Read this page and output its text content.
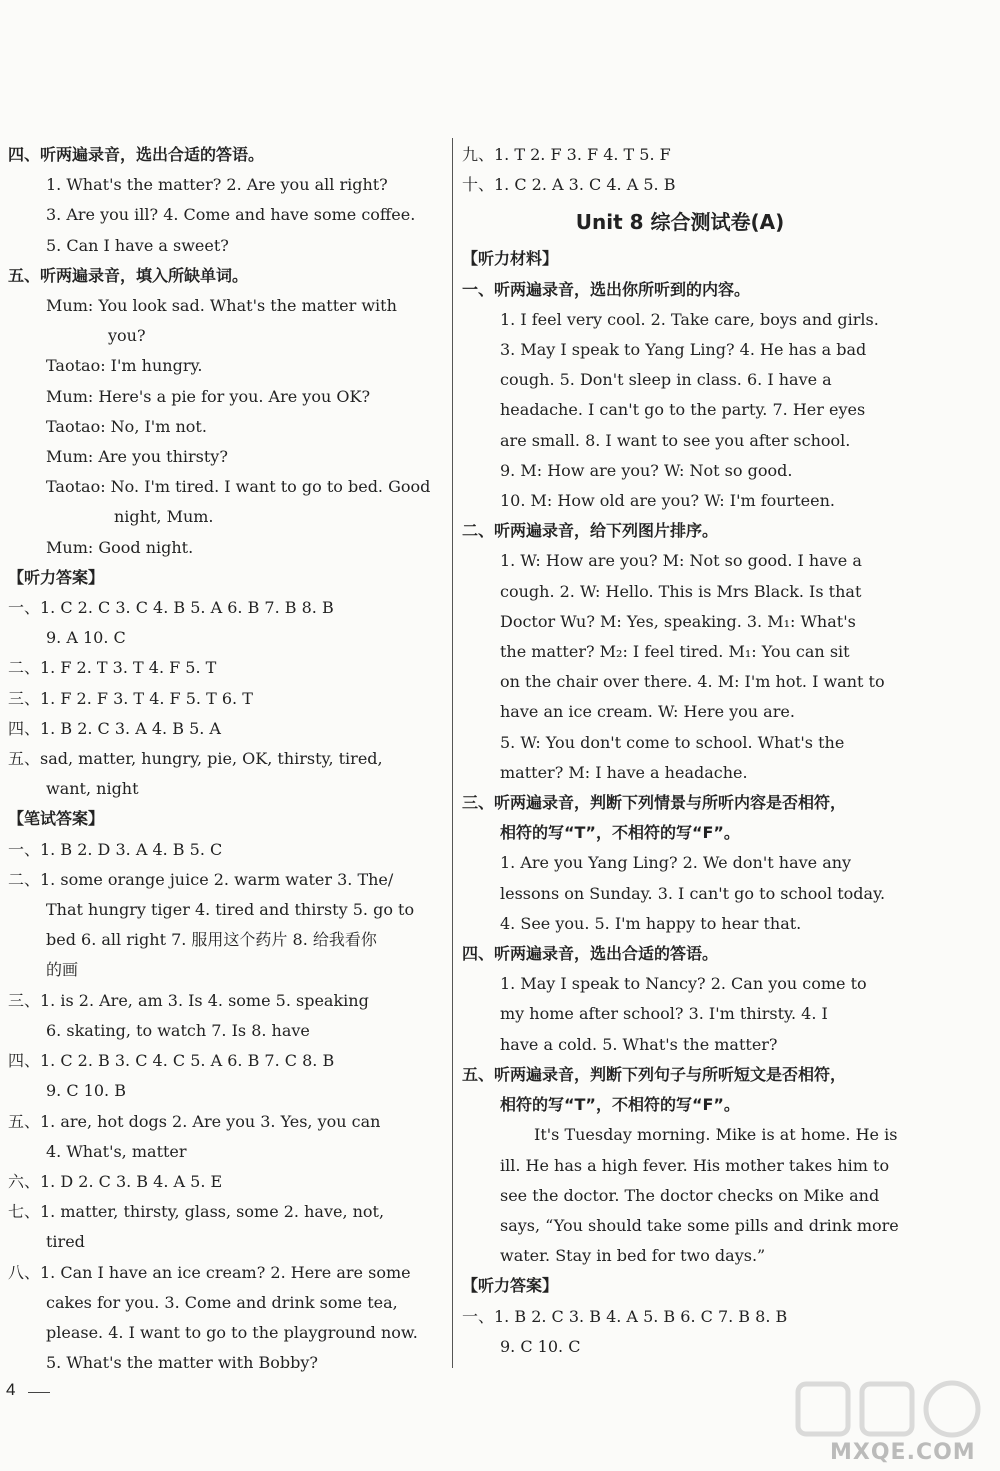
四、听两遍录音，选出合适的答语。
1. What's the matter? 2. Are you all right?
3. Are you ill? 4. Come and have some coffee.
5. Can I have a sweet?
五、听两遍录音，填入所缺单词。
Mum: You look sad. What's the matter with
you?
Taotao: I'm hungry.
Mum: Here's a pie for you. Are you OK?
Taotao: No, I'm not.
Mum: Are you thirsty?
Taotao: No. I'm tired. I want to go to bed. Good
night, Mum.
Mum: Good night.
【听力答案】
一、1. C 2. C 3. C 4. B 5. A 6. B 7. B 8. B
9. A 10. C
二、1. F 2. T 3. T 4. F 5. T
三、1. F 2. F 3. T 4. F 5. T 6. T
四、1. B 2. C 3. A 4. B 5. A
五、sad, matter, hungry, pie, OK, thirsty, tired,
want, night
【笔试答案】
一、1. B 2. D 3. A 4. B 5. C
二、1. some orange juice 2. warm water 3. The/
That hungry tiger 4. tired and thirsty 5. go to
bed 6. all right 7. 服用这个药片 8. 给我看你
的画
三、1. is 2. Are, am 3. Is 4. some 5. speaking
6. skating, to watch 7. Is 8. have
四、1. C 2. B 3. C 4. C 5. A 6. B 7. C 8. B
9. C 10. B
五、1. are, hot dogs 2. Are you 3. Yes, you can
4. What's, matter
六、1. D 2. C 3. B 4. A 5. E
七、1. matter, thirsty, glass, some 2. have, not,
tired
八、1. Can I have an ice cream? 2. Here are some
cakes for you. 3. Come and drink some tea,
please. 4. I want to go to the playground now.
5. What's the matter with Bobby?
九、1. T 2. F 3. F 4. T 5. F
十、1. C 2. A 3. C 4. A 5. B
Unit 8 综合测试卷(A)
【听力材料】
一、听两遍录音，选出你所听到的内容。
1. I feel very cool. 2. Take care, boys and girls.
3. May I speak to Yang Ling? 4. He has a bad
cough. 5. Don't sleep in class. 6. I have a
headache. I can't go to the party. 7. Her eyes
are small. 8. I want to see you after school.
9. M: How are you? W: Not so good.
10. M: How old are you? W: I'm fourteen.
二、听两遍录音，给下列图片排序。
1. W: How are you? M: Not so good. I have a
cough. 2. W: Hello. This is Mrs Black. Is that
Doctor Wu? M: Yes, speaking. 3. M₁: What's
the matter? M₂: I feel tired. M₁: You can sit
on the chair over there. 4. M: I'm hot. I want to
have an ice cream. W: Here you are.
5. W: You don't come to school. What's the
matter? M: I have a headache.
三、听两遍录音，判断下列情景与所听内容是否相符，
相符的写“T”，不相符的写“F”。
1. Are you Yang Ling? 2. We don't have any
lessons on Sunday. 3. I can't go to school today.
4. See you. 5. I'm happy to hear that.
四、听两遍录音，选出合适的答语。
1. May I speak to Nancy? 2. Can you come to
my home after school? 3. I'm thirsty. 4. I
have a cold. 5. What's the matter?
五、听两遍录音，判断下列句子与所听短文是否相符，
相符的写“T”，不相符的写“F”。
It's Tuesday morning. Mike is at home. He is
ill. He has a high fever. His mother takes him to
see the doctor. The doctor checks on Mike and
says, “You should take some pills and drink more
water. Stay in bed for two days.”
【听力答案】
一、1. B 2. C 3. B 4. A 5. B 6. C 7. B 8. B
9. C 10. C
4
MXQE.COM
